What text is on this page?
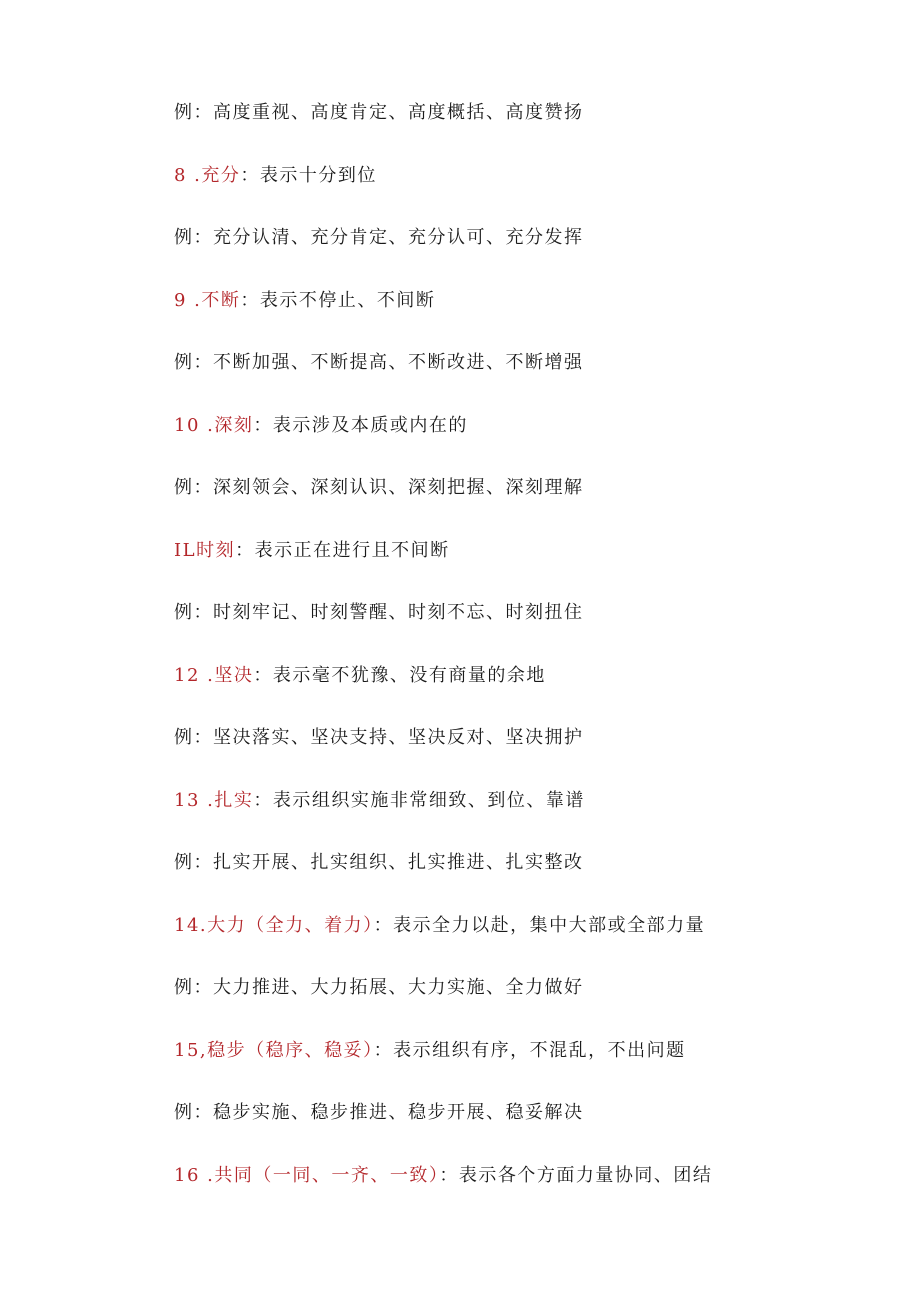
例：高度重视、高度肯定、高度概括、高度赞扬
8 .充分：表示十分到位
例：充分认清、充分肯定、充分认可、充分发挥
9 .不断：表示不停止、不间断
例：不断加强、不断提高、不断改进、不断增强
10 .深刻：表示涉及本质或内在的
例：深刻领会、深刻认识、深刻把握、深刻理解
IL时刻：表示正在进行且不间断
例：时刻牢记、时刻警醒、时刻不忘、时刻扭住
12 .坚决：表示毫不犹豫、没有商量的余地
例：坚决落实、坚决支持、坚决反对、坚决拥护
13 .扎实：表示组织实施非常细致、到位、靠谱
例：扎实开展、扎实组织、扎实推进、扎实整改
14.大力（全力、着力）：表示全力以赴，集中大部或全部力量
例：大力推进、大力拓展、大力实施、全力做好
15,稳步（稳序、稳妥）：表示组织有序，不混乱，不出问题
例：稳步实施、稳步推进、稳步开展、稳妥解决
16 .共同（一同、一齐、一致）：表示各个方面力量协同、团结
